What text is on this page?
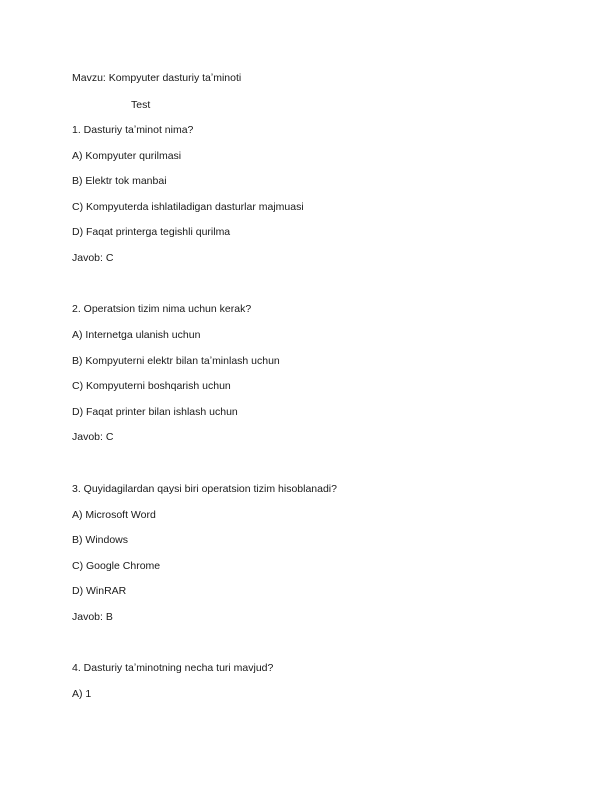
Mavzu: Kompyuter dasturiy taʼminoti
Test
1. Dasturiy taʼminot nima?
A) Kompyuter qurilmasi
B) Elektr tok manbai
C) Kompyuterda ishlatiladigan dasturlar majmuasi
D) Faqat printerga tegishli qurilma
Javob: C
2. Operatsion tizim nima uchun kerak?
A) Internetga ulanish uchun
B) Kompyuterni elektr bilan taʼminlash uchun
C) Kompyuterni boshqarish uchun
D) Faqat printer bilan ishlash uchun
Javob: C
3. Quyidagilardan qaysi biri operatsion tizim hisoblanadi?
A) Microsoft Word
B) Windows
C) Google Chrome
D) WinRAR
Javob: B
4. Dasturiy taʼminotning necha turi mavjud?
A) 1
